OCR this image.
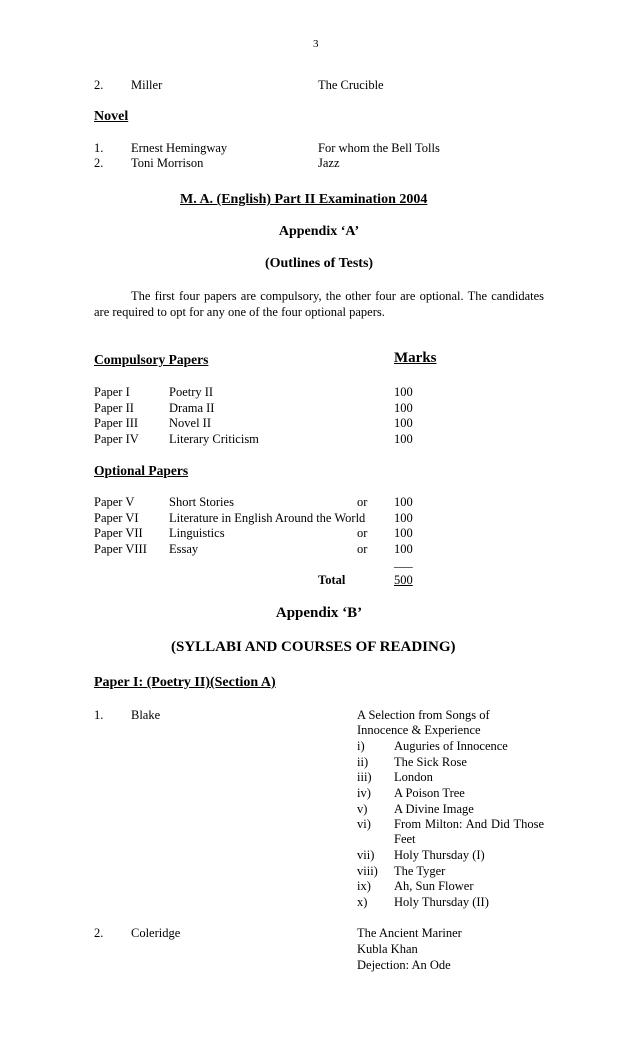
3
2. Miller	The Crucible
Novel
1. Ernest Hemingway	For whom the Bell Tolls
2. Toni Morrison	Jazz
M. A. (English) Part II Examination 2004
Appendix ‘A’
(Outlines of Tests)
The first four papers are compulsory, the other four are optional. The candidates are required to opt for any one of the four optional papers.
Compulsory Papers	Marks
Paper I	Poetry II	100
Paper II	Drama II	100
Paper III Novel II	100
Paper IV Literary Criticism	100
Optional Papers
Paper V	Short Stories	or 100
Paper VI Literature in English Around the World 100
Paper VII Linguistics	or 100
Paper VIII Essay	or 100
___
Total	500
Appendix ‘B’
(SYLLABI AND COURSES OF READING)
Paper I: (Poetry II)(Section A)
1. Blake	A Selection from Songs of
Innocence & Experience
i) Auguries of Innocence
ii) The Sick Rose
iii) London
iv) A Poison Tree
v) A Divine Image
vi) From Milton: And Did Those Feet
vii) Holy Thursday (I)
viii) The Tyger
ix) Ah, Sun Flower
x) Holy Thursday (II)
2. Coleridge	The Ancient Mariner
Kubla Khan
Dejection: An Ode
